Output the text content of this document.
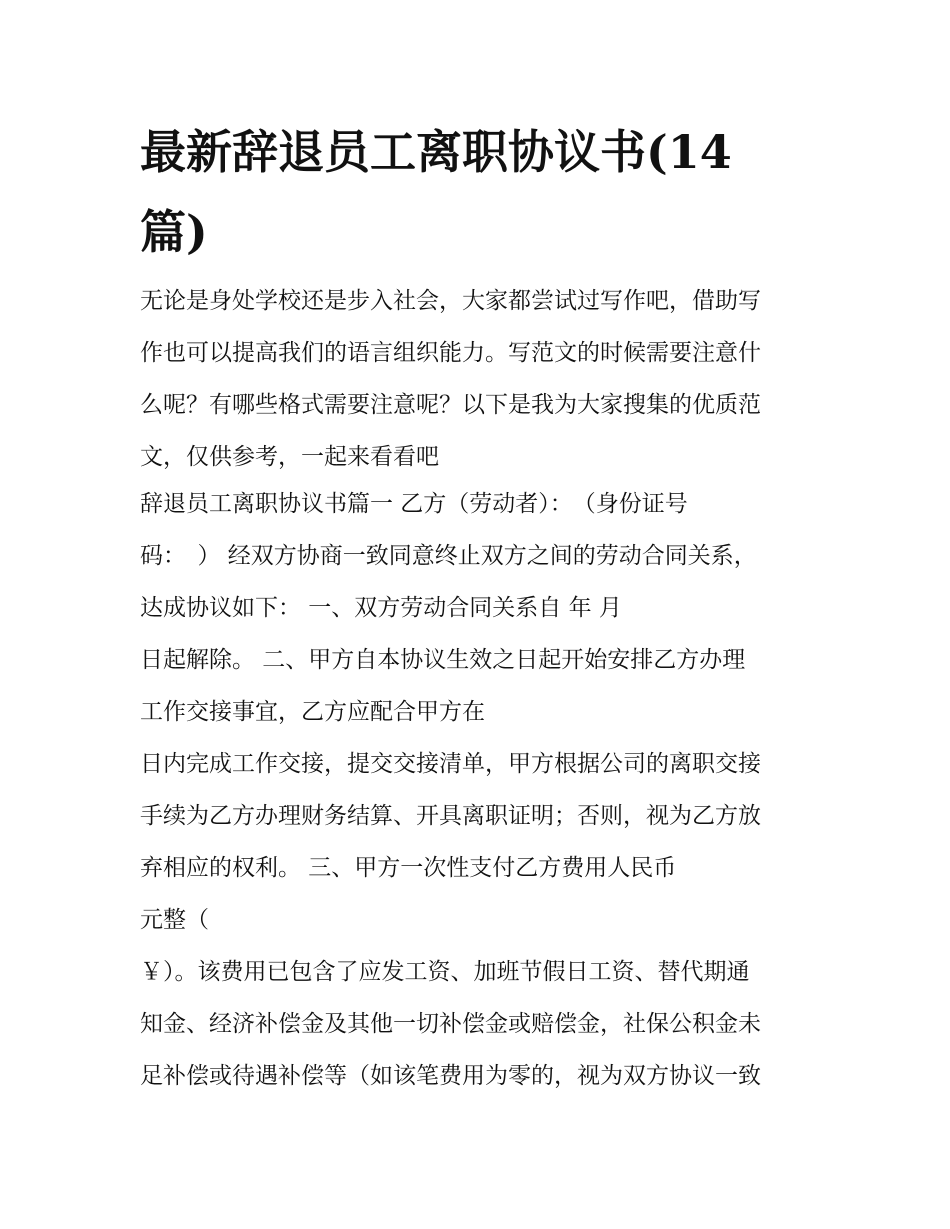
最新辞退员工离职协议书(14
篇)
无论是身处学校还是步入社会，大家都尝试过写作吧，借助写
作也可以提高我们的语言组织能力。写范文的时候需要注意什
么呢？有哪些格式需要注意呢？以下是我为大家搜集的优质范
文，仅供参考，一起来看看吧
辞退员工离职协议书篇一 乙方（劳动者）：　（身份证号
码：　） 经双方协商一致同意终止双方之间的劳动合同关系，
达成协议如下： 一、双方劳动合同关系自 年 月
日起解除。 二、甲方自本协议生效之日起开始安排乙方办理
工作交接事宜，乙方应配合甲方在
日内完成工作交接，提交交接清单，甲方根据公司的离职交接
手续为乙方办理财务结算、开具离职证明；否则，视为乙方放
弃相应的权利。 三、甲方一次性支付乙方费用人民币
元整（
￥）。该费用已包含了应发工资、加班节假日工资、替代期通
知金、经济补偿金及其他一切补偿金或赔偿金，社保公积金未
足补偿或待遇补偿等（如该笔费用为零的，视为双方协议一致
